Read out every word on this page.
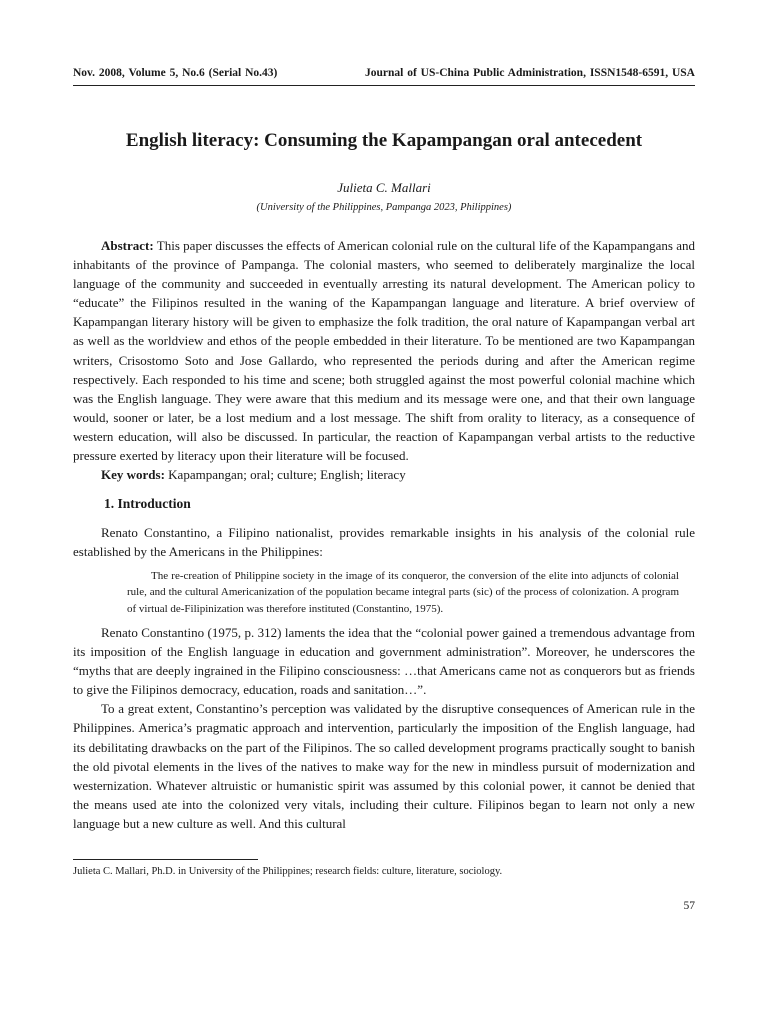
Nov. 2008, Volume 5, No.6 (Serial No.43)	Journal of US-China Public Administration, ISSN1548-6591, USA
English literacy: Consuming the Kapampangan oral antecedent
Julieta C. Mallari
(University of the Philippines, Pampanga 2023, Philippines)

Abstract: This paper discusses the effects of American colonial rule on the cultural life of the Kapampangans and inhabitants of the province of Pampanga. The colonial masters, who seemed to deliberately marginalize the local language of the community and succeeded in eventually arresting its natural development. The American policy to “educate” the Filipinos resulted in the waning of the Kapampangan language and literature. A brief overview of Kapampangan literary history will be given to emphasize the folk tradition, the oral nature of Kapampangan verbal art as well as the worldview and ethos of the people embedded in their literature. To be mentioned are two Kapampangan writers, Crisostomo Soto and Jose Gallardo, who represented the periods during and after the American regime respectively. Each responded to his time and scene; both struggled against the most powerful colonial machine which was the English language. They were aware that this medium and its message were one, and that their own language would, sooner or later, be a lost medium and a lost message. The shift from orality to literacy, as a consequence of western education, will also be discussed. In particular, the reaction of Kapampangan verbal artists to the reductive pressure exerted by literacy upon their literature will be focused.

Key words: Kapampangan; oral; culture; English; literacy

1. Introduction

Renato Constantino, a Filipino nationalist, provides remarkable insights in his analysis of the colonial rule established by the Americans in the Philippines:

The re-creation of Philippine society in the image of its conqueror, the conversion of the elite into adjuncts of colonial rule, and the cultural Americanization of the population became integral parts (sic) of the process of colonization. A program of virtual de-Filipinization was therefore instituted (Constantino, 1975).

Renato Constantino (1975, p. 312) laments the idea that the “colonial power gained a tremendous advantage from its imposition of the English language in education and government administration”. Moreover, he underscores the “myths that are deeply ingrained in the Filipino consciousness: …that Americans came not as conquerors but as friends to give the Filipinos democracy, education, roads and sanitation…”.

To a great extent, Constantino’s perception was validated by the disruptive consequences of American rule in the Philippines. America’s pragmatic approach and intervention, particularly the imposition of the English language, had its debilitating drawbacks on the part of the Filipinos. The so called development programs practically sought to banish the old pivotal elements in the lives of the natives to make way for the new in mindless pursuit of modernization and westernization. Whatever altruistic or humanistic spirit was assumed by this colonial power, it cannot be denied that the means used ate into the colonized very vitals, including their culture. Filipinos began to learn not only a new language but a new culture as well. And this cultural

Julieta C. Mallari, Ph.D. in University of the Philippines; research fields: culture, literature, sociology.
57
